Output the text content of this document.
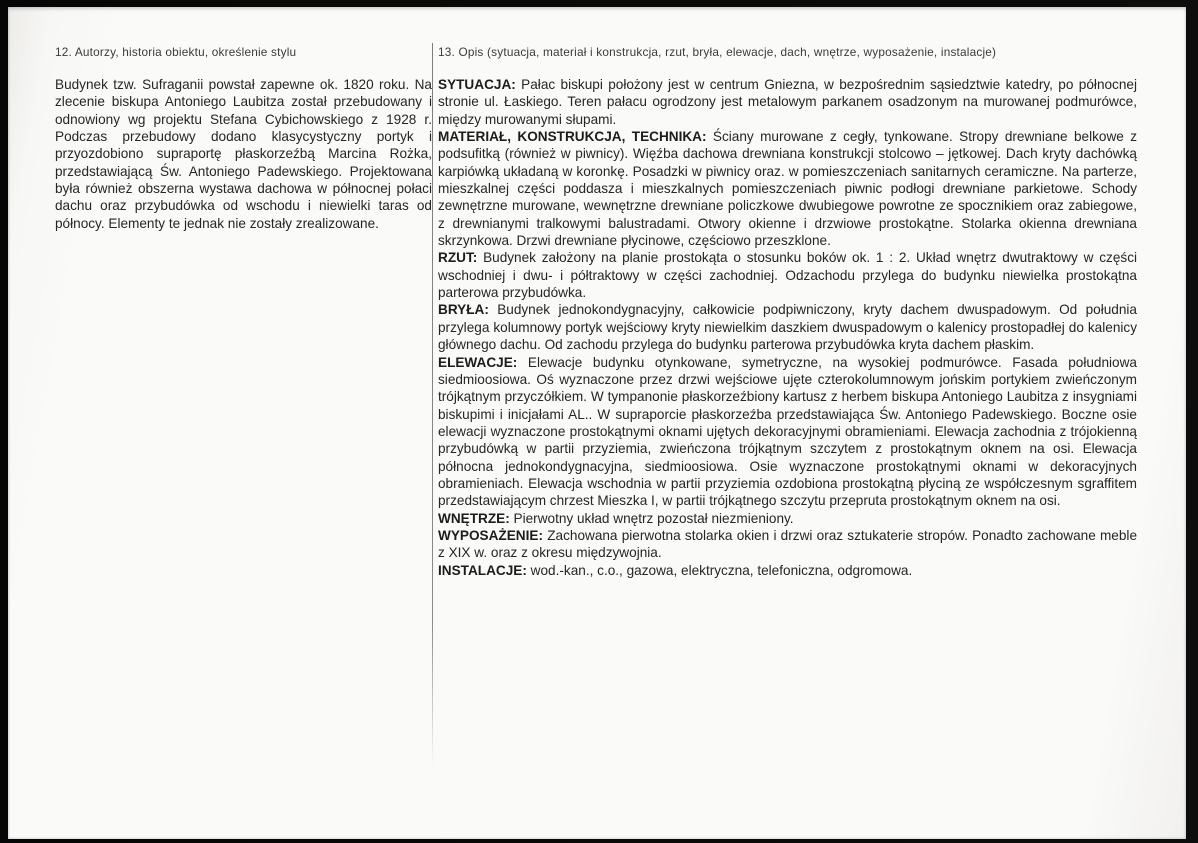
12. Autorzy, historia obiektu, określenie stylu

Budynek tzw. Sufraganii powstał zapewne ok. 1820 roku. Na zlecenie biskupa Antoniego Laubitza został przebudowany i odnowiony wg projektu Stefana Cybichowskiego z 1928 r. Podczas przebudowy dodano klasycystyczny portyk i przyozdobiono supraportę płaskorzeźbą Marcina Rożka, przedstawiającą Św. Antoniego Padewskiego. Projektowana była również obszerna wystawa dachowa w północnej połaci dachu oraz przybudówka od wschodu i niewielki taras od północy. Elementy te jednak nie zostały zrealizowane.

13. Opis (sytuacja, materiał i konstrukcja, rzut, bryła, elewacje, dach, wnętrze, wyposażenie, instalacje)

SYTUACJA: Pałac biskupi położony jest w centrum Gniezna, w bezpośrednim sąsiedztwie katedry, po północnej stronie ul. Łaskiego. Teren pałacu ogrodzony jest metalowym parkanem osadzonym na murowanej podmurówce, między murowanymi słupami.

MATERIAŁ, KONSTRUKCJA, TECHNIKA: Ściany murowane z cegły, tynkowane. Stropy drewniane belkowe z podsufitką (również w piwnicy). Więźba dachowa drewniana konstrukcji stolcowo – jętkowej. Dach kryty dachówką karpiówką układaną w koronkę. Posadzki w piwnicy oraz. w pomieszczeniach sanitarnych ceramiczne. Na parterze, mieszkalnej części poddasza i mieszkalnych pomieszczeniach piwnic podłogi drewniane parkietowe. Schody zewnętrzne murowane, wewnętrzne drewniane policzkowe dwubiegowe powrotne ze spocznikiem oraz zabiegowe, z drewnianymi tralkowymi balustradami. Otwory okienne i drzwiowe prostokątne. Stolarka okienna drewniana skrzynkowa. Drzwi drewniane płycinowe, częściowo przeszklone.

RZUT: Budynek założony na planie prostokąta o stosunku boków ok. 1 : 2. Układ wnętrz dwutraktowy w części wschodniej i dwu- i półtraktowy w części zachodniej. Odzachodu przylega do budynku niewielka prostokątna parterowa przybudówka.

BRYŁA: Budynek jednokondygnacyjny, całkowicie podpiwniczony, kryty dachem dwuspadowym. Od południa przylega kolumnowy portyk wejściowy kryty niewielkim daszkiem dwuspadowym o kalenicy prostopadłej do kalenicy głównego dachu. Od zachodu przylega do budynku parterowa przybudówka kryta dachem płaskim.

ELEWACJE: Elewacje budynku otynkowane, symetryczne, na wysokiej podmurówce. Fasada południowa siedmioosiowa. Oś wyznaczone przez drzwi wejściowe ujęte czterokolumnowym jońskim portykiem zwieńczonym trójkątnym przyczółkiem. W tympanonie płaskorzeźbiony kartusz z herbem biskupa Antoniego Laubitza z insygniami biskupimi i inicjałami AL.. W supraporcie płaskorzeźba przedstawiająca Św. Antoniego Padewskiego. Boczne osie elewacji wyznaczone prostokątnymi oknami ujętych dekoracyjnymi obramieniami. Elewacja zachodnia z trójokienną przybudówką w partii przyziemia, zwieńczona trójkątnym szczytem z prostokątnym oknem na osi. Elewacja północna jednokondygnacyjna, siedmioosiowa. Osie wyznaczone prostokątnymi oknami w dekoracyjnych obramieniach. Elewacja wschodnia w partii przyziemia ozdobiona prostokątną płyciną ze współczesnym sgraffitem przedstawiającym chrzest Mieszka I, w partii trójkątnego szczytu przepruta prostokątnym oknem na osi.

WNĘTRZE: Pierwotny układ wnętrz pozostał niezmieniony.

WYPOSAŻENIE: Zachowana pierwotna stolarka okien i drzwi oraz sztukaterie stropów. Ponadto zachowane meble z XIX w. oraz z okresu międzywojnia.

INSTALACJE: wod.-kan., c.o., gazowa, elektryczna, telefoniczna, odgromowa.
